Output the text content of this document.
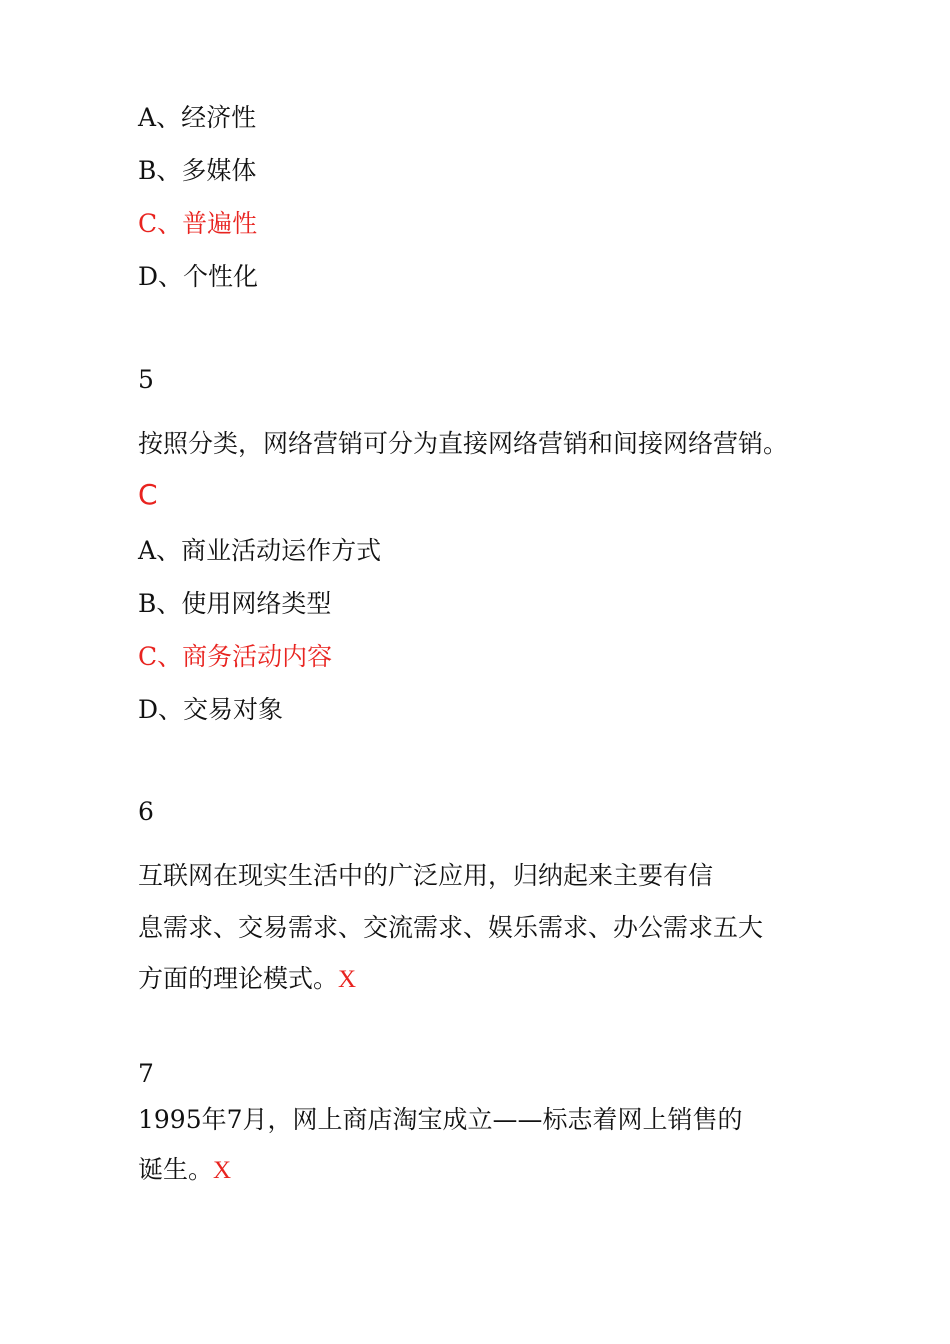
A、经济性
B、多媒体
C、普遍性
D、个性化
5
按照分类，网络营销可分为直接网络营销和间接网络营销。
C
A、商业活动运作方式
B、使用网络类型
C、商务活动内容
D、交易对象
6
互联网在现实生活中的广泛应用，归纳起来主要有信
息需求、交易需求、交流需求、娱乐需求、办公需求五大
方面的理论模式。X
7
1995年7月，网上商店淘宝成立——标志着网上销售的
诞生。X
